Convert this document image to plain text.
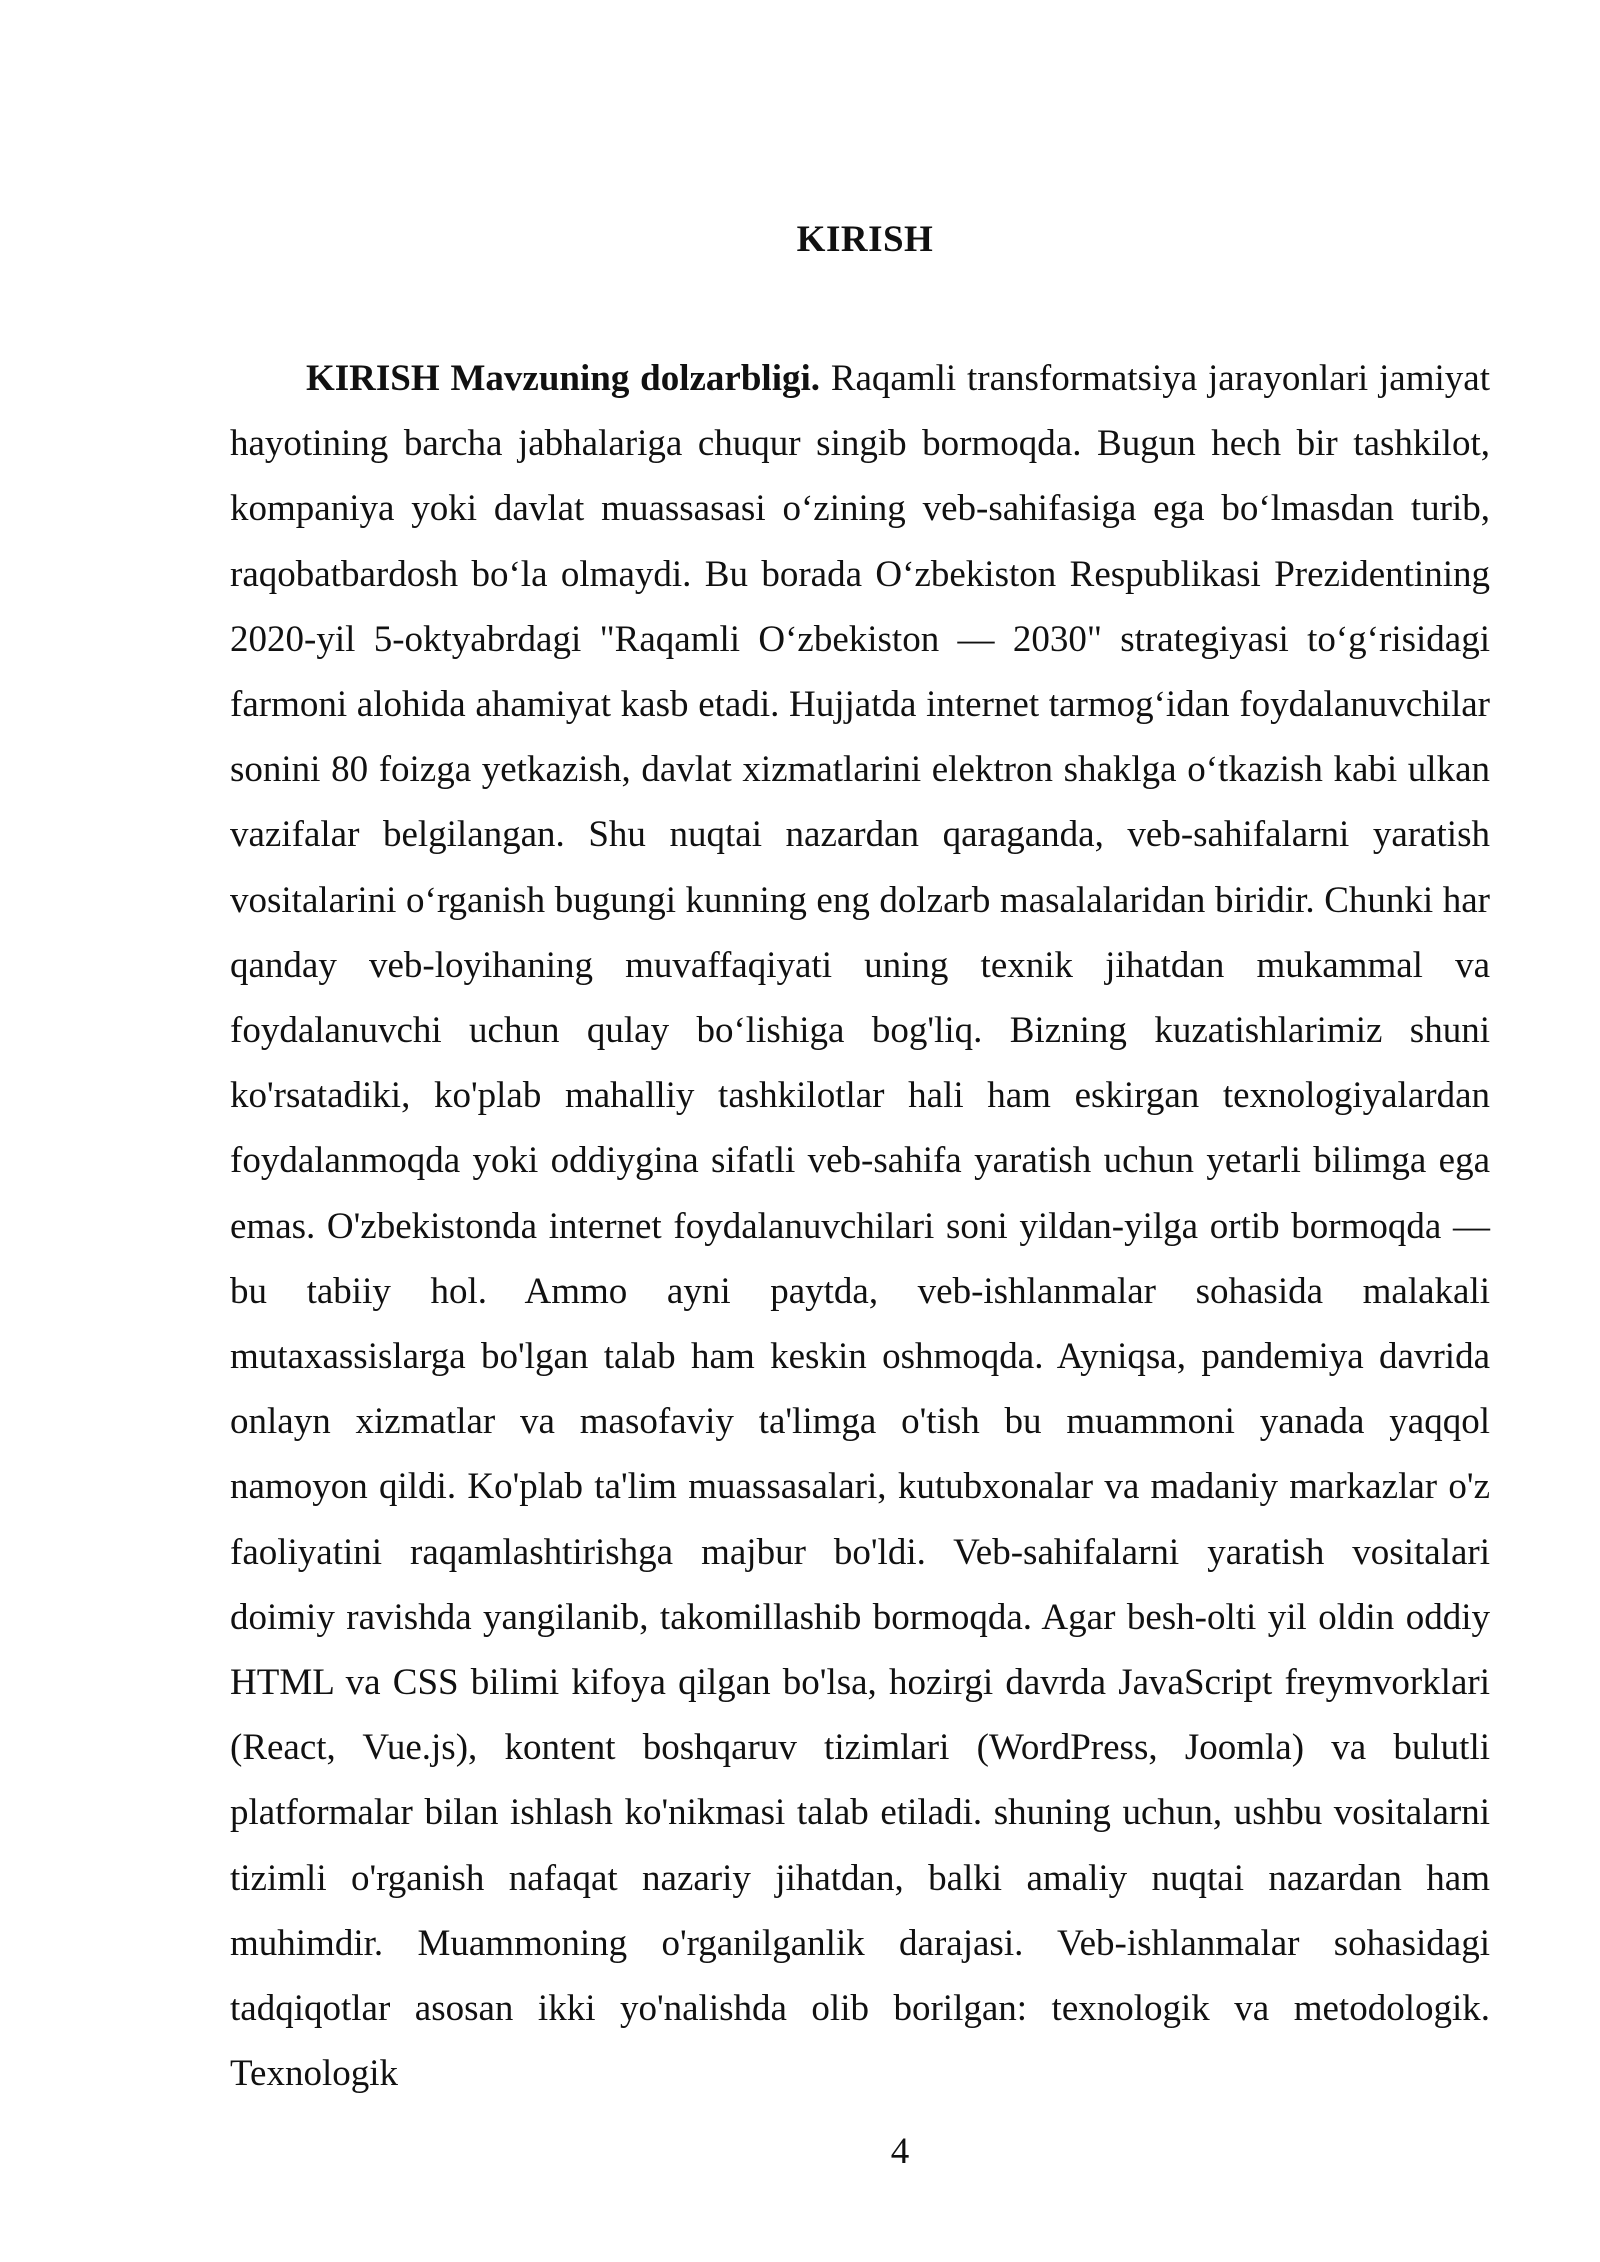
KIRISH

KIRISH Mavzuning dolzarbligi. Raqamli transformatsiya jarayonlari jamiyat hayotining barcha jabhalariga chuqur singib bormoqda. Bugun hech bir tashkilot, kompaniya yoki davlat muassasasi o‘zining veb-sahifasiga ega bo‘lmasdan turib, raqobatbardosh bo‘la olmaydi. Bu borada O‘zbekiston Respublikasi Prezidentining 2020-yil 5-oktyabrdagi "Raqamli O‘zbekiston — 2030" strategiyasi to‘g‘risidagi farmoni alohida ahamiyat kasb etadi. Hujjatda internet tarmog‘idan foydalanuvchilar sonini 80 foizga yetkazish, davlat xizmatlarini elektron shaklga o‘tkazish kabi ulkan vazifalar belgilangan. Shu nuqtai nazardan qaraganda, veb-sahifalarni yaratish vositalarini o‘rganish bugungi kunning eng dolzarb masalalaridan biridir. Chunki har qanday veb-loyihaning muvaffaqiyati uning texnik jihatdan mukammal va foydalanuvchi uchun qulay bo‘lishiga bog'liq. Bizning kuzatishlarimiz shuni ko'rsatadiki, ko'plab mahalliy tashkilotlar hali ham eskirgan texnologiyalardan foydalanmoqda yoki oddiygina sifatli veb-sahifa yaratish uchun yetarli bilimga ega emas. O'zbekistonda internet foydalanuvchilari soni yildan-yilga ortib bormoqda — bu tabiiy hol. Ammo ayni paytda, veb-ishlanmalar sohasida malakali mutaxassislarga bo'lgan talab ham keskin oshmoqda. Ayniqsa, pandemiya davrida onlayn xizmatlar va masofaviy ta'limga o'tish bu muammoni yanada yaqqol namoyon qildi. Ko'plab ta'lim muassasalari, kutubxonalar va madaniy markazlar o'z faoliyatini raqamlashtirishga majbur bo'ldi. Veb-sahifalarni yaratish vositalari doimiy ravishda yangilanib, takomillashib bormoqda. Agar besh-olti yil oldin oddiy HTML va CSS bilimi kifoya qilgan bo'lsa, hozirgi davrda JavaScript freymvorklari (React, Vue.js), kontent boshqaruv tizimlari (WordPress, Joomla) va bulutli platformalar bilan ishlash ko'nikmasi talab etiladi. shuning uchun, ushbu vositalarni tizimli o'rganish nafaqat nazariy jihatdan, balki amaliy nuqtai nazardan ham muhimdir. Muammoning o'rganilganlik darajasi. Veb-ishlanmalar sohasidagi tadqiqotlar asosan ikki yo'nalishda olib borilgan: texnologik va metodologik. Texnologik

4
